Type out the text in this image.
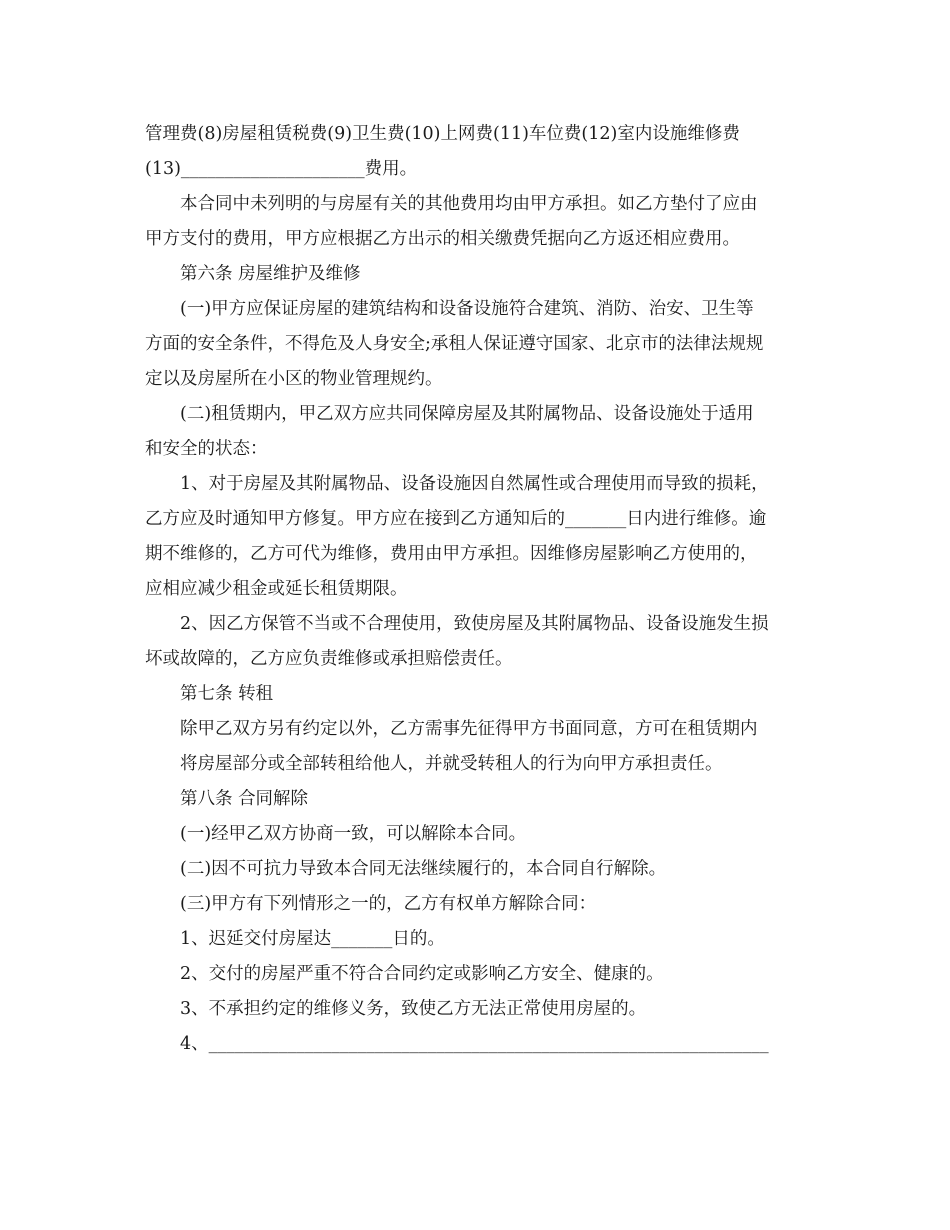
管理费(8)房屋租赁税费(9)卫生费(10)上网费(11)车位费(12)室内设施维修费

(13)_____________________费用。

本合同中未列明的与房屋有关的其他费用均由甲方承担。如乙方垫付了应由

甲方支付的费用，甲方应根据乙方出示的相关缴费凭据向乙方返还相应费用。

第六条 房屋维护及维修

(一)甲方应保证房屋的建筑结构和设备设施符合建筑、消防、治安、卫生等

方面的安全条件，不得危及人身安全;承租人保证遵守国家、北京市的法律法规规

定以及房屋所在小区的物业管理规约。

(二)租赁期内，甲乙双方应共同保障房屋及其附属物品、设备设施处于适用

和安全的状态：

1、对于房屋及其附属物品、设备设施因自然属性或合理使用而导致的损耗，

乙方应及时通知甲方修复。甲方应在接到乙方通知后的_______日内进行维修。逾

期不维修的，乙方可代为维修，费用由甲方承担。因维修房屋影响乙方使用的，

应相应减少租金或延长租赁期限。

2、因乙方保管不当或不合理使用，致使房屋及其附属物品、设备设施发生损

坏或故障的，乙方应负责维修或承担赔偿责任。

第七条 转租

除甲乙双方另有约定以外，乙方需事先征得甲方书面同意，方可在租赁期内

将房屋部分或全部转租给他人，并就受转租人的行为向甲方承担责任。

第八条 合同解除

(一)经甲乙双方协商一致，可以解除本合同。

(二)因不可抗力导致本合同无法继续履行的，本合同自行解除。

(三)甲方有下列情形之一的，乙方有权单方解除合同：

1、迟延交付房屋达_______日的。

2、交付的房屋严重不符合合同约定或影响乙方安全、健康的。

3、不承担约定的维修义务，致使乙方无法正常使用房屋的。

4、________________________________________________________________
